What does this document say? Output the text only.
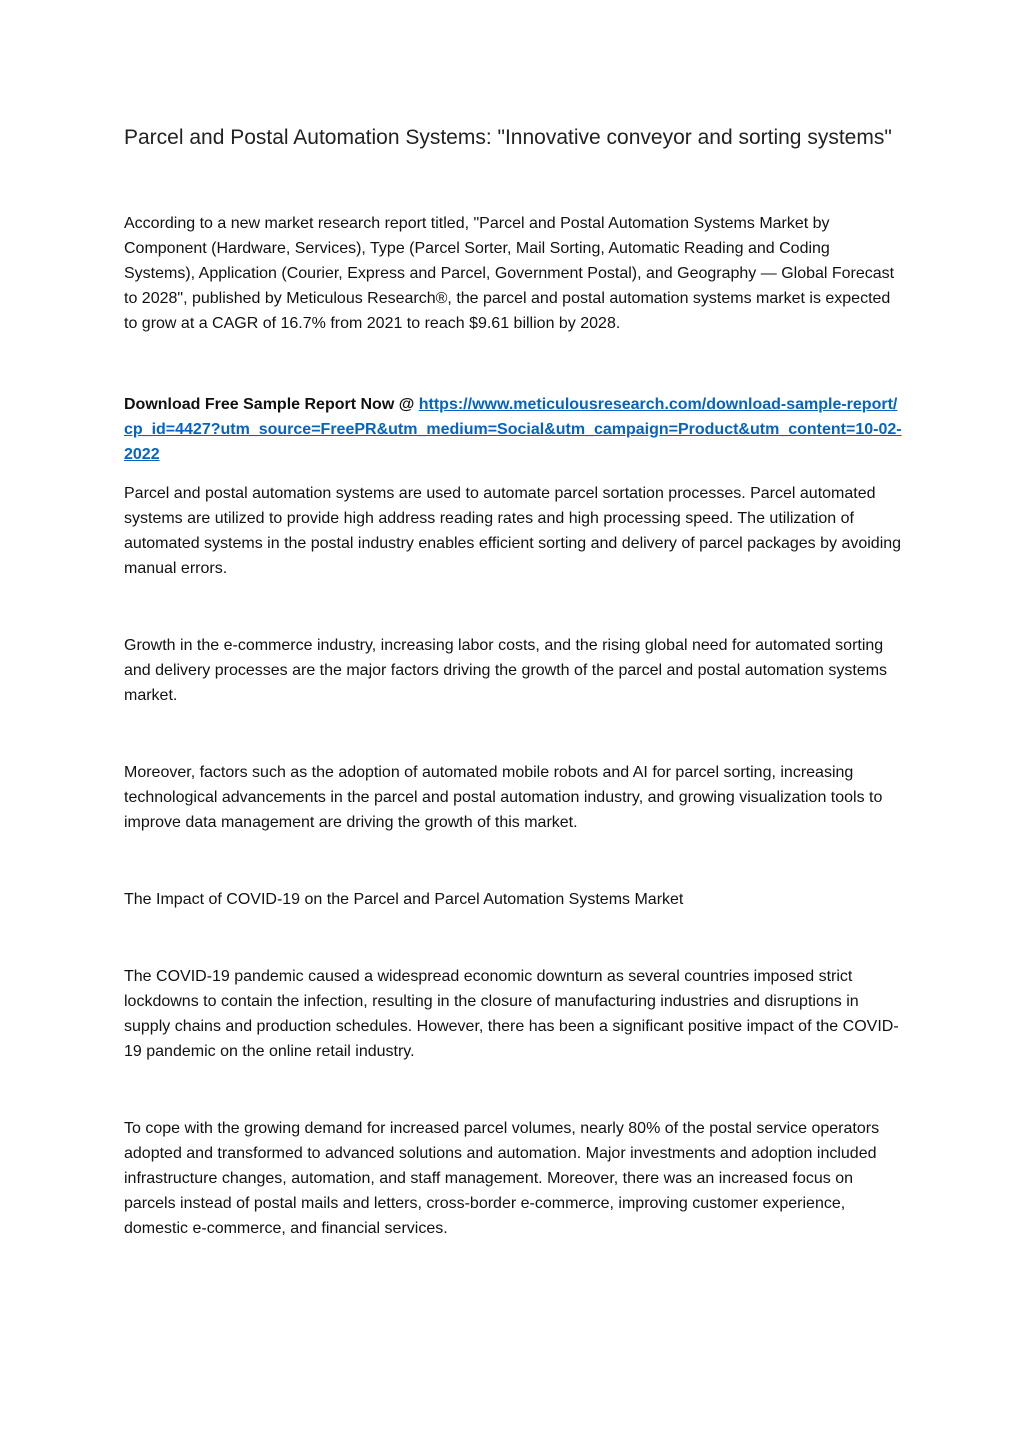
Parcel and Postal Automation Systems: "Innovative conveyor and sorting systems"

According to a new market research report titled, "Parcel and Postal Automation Systems Market by Component (Hardware, Services), Type (Parcel Sorter, Mail Sorting, Automatic Reading and Coding Systems), Application (Courier, Express and Parcel, Government Postal), and Geography — Global Forecast to 2028", published by Meticulous Research®, the parcel and postal automation systems market is expected to grow at a CAGR of 16.7% from 2021 to reach $9.61 billion by 2028.

Download Free Sample Report Now @ https://www.meticulousresearch.com/download-sample-report/cp_id=4427?utm_source=FreePR&utm_medium=Social&utm_campaign=Product&utm_content=10-02-2022

Parcel and postal automation systems are used to automate parcel sortation processes. Parcel automated systems are utilized to provide high address reading rates and high processing speed. The utilization of automated systems in the postal industry enables efficient sorting and delivery of parcel packages by avoiding manual errors.

Growth in the e-commerce industry, increasing labor costs, and the rising global need for automated sorting and delivery processes are the major factors driving the growth of the parcel and postal automation systems market.

Moreover, factors such as the adoption of automated mobile robots and AI for parcel sorting, increasing technological advancements in the parcel and postal automation industry, and growing visualization tools to improve data management are driving the growth of this market.

The Impact of COVID-19 on the Parcel and Parcel Automation Systems Market

The COVID-19 pandemic caused a widespread economic downturn as several countries imposed strict lockdowns to contain the infection, resulting in the closure of manufacturing industries and disruptions in supply chains and production schedules. However, there has been a significant positive impact of the COVID-19 pandemic on the online retail industry.

To cope with the growing demand for increased parcel volumes, nearly 80% of the postal service operators adopted and transformed to advanced solutions and automation. Major investments and adoption included infrastructure changes, automation, and staff management. Moreover, there was an increased focus on parcels instead of postal mails and letters, cross-border e-commerce, improving customer experience, domestic e-commerce, and financial services.
